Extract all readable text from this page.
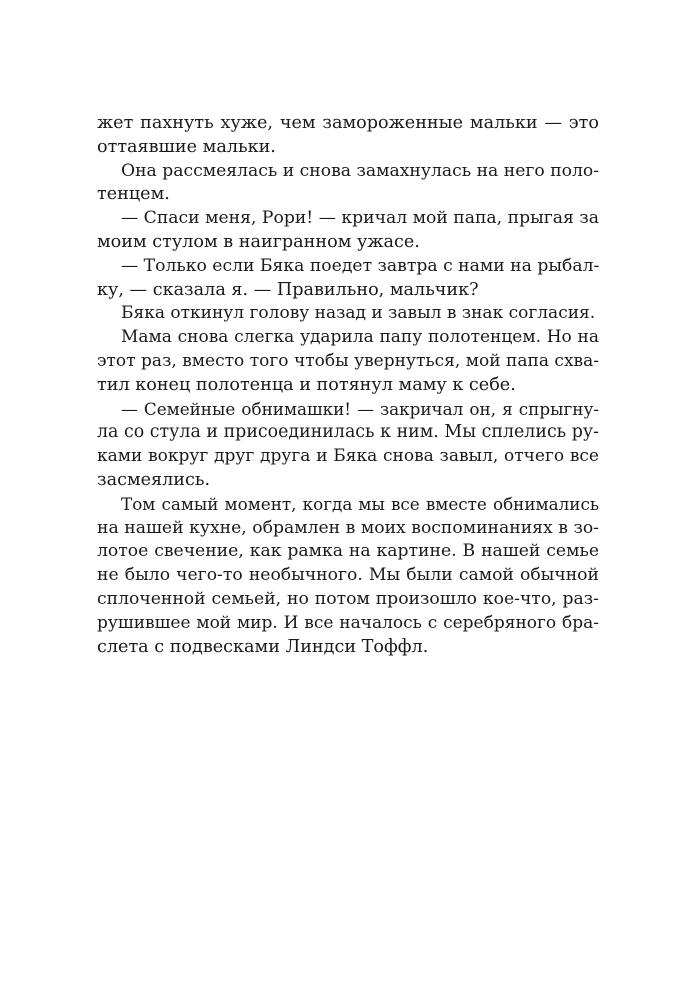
жет пахнуть хуже, чем замороженные мальки — это
оттаявшие мальки.
Она рассмеялась и снова замахнулась на него поло-
тенцем.
— Спаси меня, Рори! — кричал мой папа, прыгая за
моим стулом в наигранном ужасе.
— Только если Бяка поедет завтра с нами на рыбал-
ку, — сказала я. — Правильно, мальчик?
Бяка откинул голову назад и завыл в знак согласия.
Мама снова слегка ударила папу полотенцем. Но на
этот раз, вместо того чтобы увернуться, мой папа схва-
тил конец полотенца и потянул маму к себе.
— Семейные обнимашки! — закричал он, я спрыгну-
ла со стула и присоединилась к ним. Мы сплелись ру-
ками вокруг друг друга и Бяка снова завыл, отчего все
засмеялись.
Том самый момент, когда мы все вместе обнимались
на нашей кухне, обрамлен в моих воспоминаниях в зо-
лотое свечение, как рамка на картине. В нашей семье
не было чего-то необычного. Мы были самой обычной
сплоченной семьей, но потом произошло кое-что, раз-
рушившее мой мир. И все началось с серебряного бра-
слета с подвесками Линдси Тоффл.
